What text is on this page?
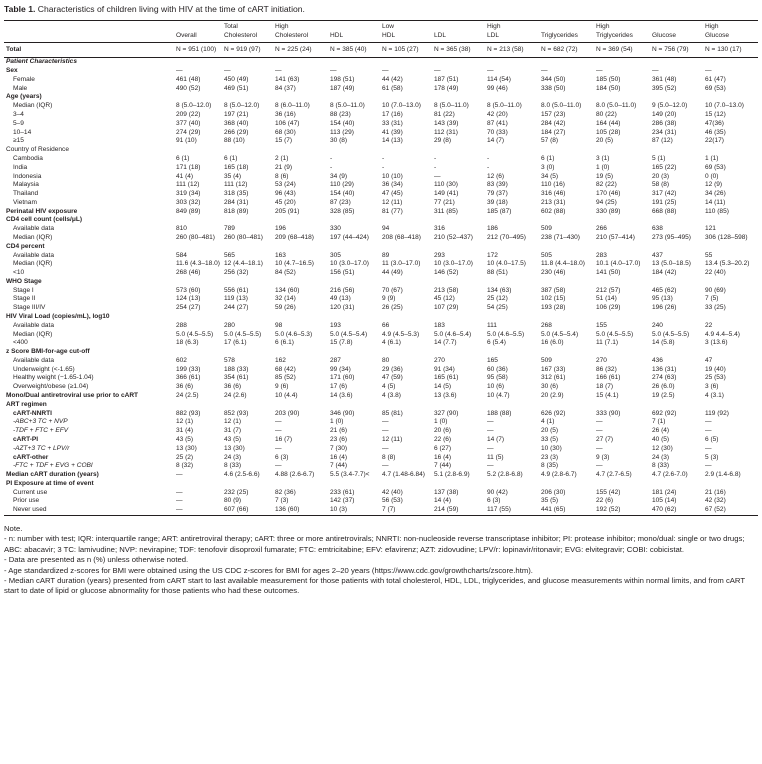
Table 1. Characteristics of children living with HIV at the time of cART initiation.
		Total	High		Low		High		High		High
	Overall	Cholesterol	Cholesterol	HDL	HDL	LDL	LDL	Triglycerides	Triglycerides	Glucose	Glucose
Total	N = 951 (100)	N = 919 (97)	N = 225 (24)	N = 385 (40)	N = 105 (27)	N = 365 (38)	N = 213 (58)	N = 682 (72)	N = 369 (54)	N = 756 (79)	N = 130 (17)
Patient Characteristics											
Sex	—	—	—	—	—	—	—	—	—	—	—
Female	461 (48)	450 (49)	141 (63)	198 (51)	44 (42)	187 (51)	114 (54)	344 (50)	185 (50)	361 (48)	61 (47)
Male	490 (52)	469 (51)	84 (37)	187 (49)	61 (58)	178 (49)	99 (46)	338 (50)	184 (50)	395 (52)	69 (53)
Age (years)											
Median (IQR)	8 (5.0–12.0)	8 (5.0–12.0)	8 (6.0–11.0)	8 (5.0–11.0)	10 (7.0–13.0)	8 (5.0–11.0)	8 (5.0–11.0)	8.0 (5.0–11.0)	8.0 (5.0–11.0)	9 (5.0–12.0)	10 (7.0–13.0)
3–4	209 (22)	197 (21)	36 (16)	88 (23)	17 (16)	81 (22)	42 (20)	157 (23)	80 (22)	149 (20)	15 (12)
5–9	377 (40)	368 (40)	106 (47)	154 (40)	33 (31)	143 (39)	87 (41)	284 (42)	164 (44)	286 (38)	47(36)
10–14	274 (29)	266 (29)	68 (30)	113 (29)	41 (39)	112 (31)	70 (33)	184 (27)	105 (28)	234 (31)	46 (35)
≥15	91 (10)	88 (10)	15 (7)	30 (8)	14 (13)	29 (8)	14 (7)	57 (8)	20 (5)	87 (12)	22(17)
Country of Residence											
Cambodia	6 (1)	6 (1)	2 (1)	-	-	-	-	6 (1)	3 (1)	5 (1)	1 (1)
India	171 (18)	165 (18)	21 (9)	-	-	-	-	3 (0)	1 (0)	165 (22)	69 (53)
Indonesia	41 (4)	35 (4)	8 (6)	34 (9)	10 (10)	—	12 (6)	34 (5)	19 (5)	20 (3)	0 (0)
Malaysia	111 (12)	111 (12)	53 (24)	110 (29)	36 (34)	110 (30)	83 (39)	110 (16)	82 (22)	58 (8)	12 (9)
Thailand	319 (34)	318 (35)	96 (43)	154 (40)	47 (45)	149 (41)	79 (37)	316 (46)	170 (46)	317 (42)	34 (26)
Vietnam	303 (32)	284 (31)	45 (20)	87 (23)	12 (11)	77 (21)	39 (18)	213 (31)	94 (25)	191 (25)	14 (11)
Perinatal HIV exposure	849 (89)	818 (89)	205 (91)	328 (85)	81 (77)	311 (85)	185 (87)	602 (88)	330 (89)	668 (88)	110 (85)
CD4 cell count (cells/μL)											
Available data	810	789	196	330	94	316	186	509	266	638	121
Median (IQR)	260 (80–481)	260 (80–481)	209 (68–418)	197 (44–424)	208 (68–418)	210 (52–437)	212 (70–495)	238 (71–430)	210 (57–414)	273 (95–495)	306 (128–598)
CD4 percent											
Available data	584	565	163	305	89	293	172	505	283	437	55
Median (IQR)	11.6 (4.3–18.0)	12 (4.4–18.1)	10 (4.7–16.5)	10 (3.0–17.0)	11 (3.0–17.0)	10 (3.0–17.0)	10 (4.0–17.5)	11.8 (4.4–18.0)	10.1 (4.0–17.0)	13 (5.0–18.5)	13.4 (5.3–20.2)
<10	268 (46)	256 (32)	84 (52)	156 (51)	44 (49)	146 (52)	88 (51)	230 (46)	141 (50)	184 (42)	22 (40)
WHO Stage											
Stage I	573 (60)	556 (61)	134 (60)	216 (56)	70 (67)	213 (58)	134 (63)	387 (58)	212 (57)	465 (62)	90 (69)
Stage II	124 (13)	119 (13)	32 (14)	49 (13)	9 (9)	45 (12)	25 (12)	102 (15)	51 (14)	95 (13)	7 (5)
Stage III/IV	254 (27)	244 (27)	59 (26)	120 (31)	26 (25)	107 (29)	54 (25)	193 (28)	106 (29)	196 (26)	33 (25)
HIV Viral Load (copies/mL), log10											
Available data	288	280	98	193	66	183	111	268	155	240	22
Median (IQR)	5.0 (4.5–5.5)	5.0 (4.5–5.5)	5.0 (4.6–5.3)	5.0 (4.5–5.4)	4.9 (4.5–5.3)	5.0 (4.6–5.4)	5.0 (4.6–5.5)	5.0 (4.5–5.4)	5.0 (4.5–5.5)	5.0 (4.5–5.5)	4.9 4.4–5.4)
<400	18 (6.3)	17 (6.1)	6 (6.1)	15 (7.8)	4 (6.1)	14 (7.7)	6 (5.4)	16 (6.0)	11 (7.1)	14 (5.8)	3 (13.6)
z Score BMI-for-age cut-off											
Available data	602	578	162	287	80	270	165	509	270	436	47
Underweight (<-1.65)	199 (33)	188 (33)	68 (42)	99 (34)	29 (36)	91 (34)	60 (36)	167 (33)	86 (32)	136 (31)	19 (40)
Healthy weight (−1.65-1.04)	366 (61)	354 (61)	85 (52)	171 (60)	47 (59)	165 (61)	95 (58)	312 (61)	166 (61)	274 (63)	25 (53)
Overweight/obese (≥1.04)	36 (6)	36 (6)	9 (6)	17 (6)	4 (5)	14 (5)	10 (6)	30 (6)	18 (7)	26 (6.0)	3 (6)
Mono/Dual antiretroviral use prior to cART	24 (2.5)	24 (2.6)	10 (4.4)	14 (3.6)	4 (3.8)	13 (3.6)	10 (4.7)	20 (2.9)	15 (4.1)	19 (2.5)	4 (3.1)
ART regimen											
cART-NNRTI	882 (93)	852 (93)	203 (90)	346 (90)	85 (81)	327 (90)	188 (88)	626 (92)	333 (90)	692 (92)	119 (92)
-ABC+3 TC + NVP	12 (1)	12 (1)	—	1 (0)	—	1 (0)	—	4 (1)	—	7 (1)	—
-TDF + FTC + EFV	31 (4)	31 (7)	—	21 (6)	—	20 (6)	—	20 (5)	—	26 (4)	—
cART-PI	43 (5)	43 (5)	16 (7)	23 (6)	12 (11)	22 (6)	14 (7)	33 (5)	27 (7)	40 (5)	6 (5)
-AZT+3 TC + LPV/r	13 (30)	13 (30)	—	7 (30)	—	6 (27)	—	10 (30)	—	12 (30)	—
cART-other	25 (2)	24 (3)	6 (3)	16 (4)	8 (8)	16 (4)	11 (5)	23 (3)	9 (3)	24 (3)	5 (3)
-FTC + TDF + EVG + COBI	8 (32)	8 (33)	—	7 (44)	—	7 (44)	—	8 (35)	—	8 (33)	—
Median cART duration (years)	—	4.6 (2.5-6.6)	4.88 (2.6-6.7)	5.5 (3.4-7.7)<	4.7 (1.48-6.84)	5.1 (2.8-6.9)	5.2 (2.8-6.8)	4.9 (2.8-6.7)	4.7 (2.7-6.5)	4.7 (2.6-7.0)	2.9 (1.4-6.8)
PI Exposure at time of event											
Current use	—	232 (25)	82 (36)	233 (61)	42 (40)	137 (38)	90 (42)	206 (30)	155 (42)	181 (24)	21 (16)
Prior use	—	80 (9)	7 (3)	142 (37)	56 (53)	14 (4)	6 (3)	35 (5)	22 (6)	105 (14)	42 (32)
Never used	—	607 (66)	136 (60)	10 (3)	7 (7)	214 (59)	117 (55)	441 (65)	192 (52)	470 (62)	67 (52)
Note.
- n: number with test; IQR: interquartile range; ART: antiretroviral therapy; cART: three or more antiretrovirals; NNRTI: non-nucleoside reverse transcriptase inhibitor; PI: protease inhibitor; mono/dual: single or two drugs; ABC: abacavir; 3 TC: lamivudine; NVP: nevirapine; TDF: tenofovir disoproxil fumarate; FTC: emtricitabine; EFV: efavirenz; AZT: zidovudine; LPV/r: lopinavir/ritonavir; EVG: elvitegravir; COBI: cobicistat.
- Data are presented as n (%) unless otherwise noted.
- Age standardized z-scores for BMI were obtained using the US CDC z-scores for BMI for ages 2–20 years (https://www.cdc.gov/growthcharts/zscore.htm).
- Median cART duration (years) presented from cART start to last available measurement for those patients with total cholesterol, HDL, LDL, triglycerides, and glucose measurements within normal limits, and from cART start to date of lipid or glucose abnormality for those patients who had these outcomes.
